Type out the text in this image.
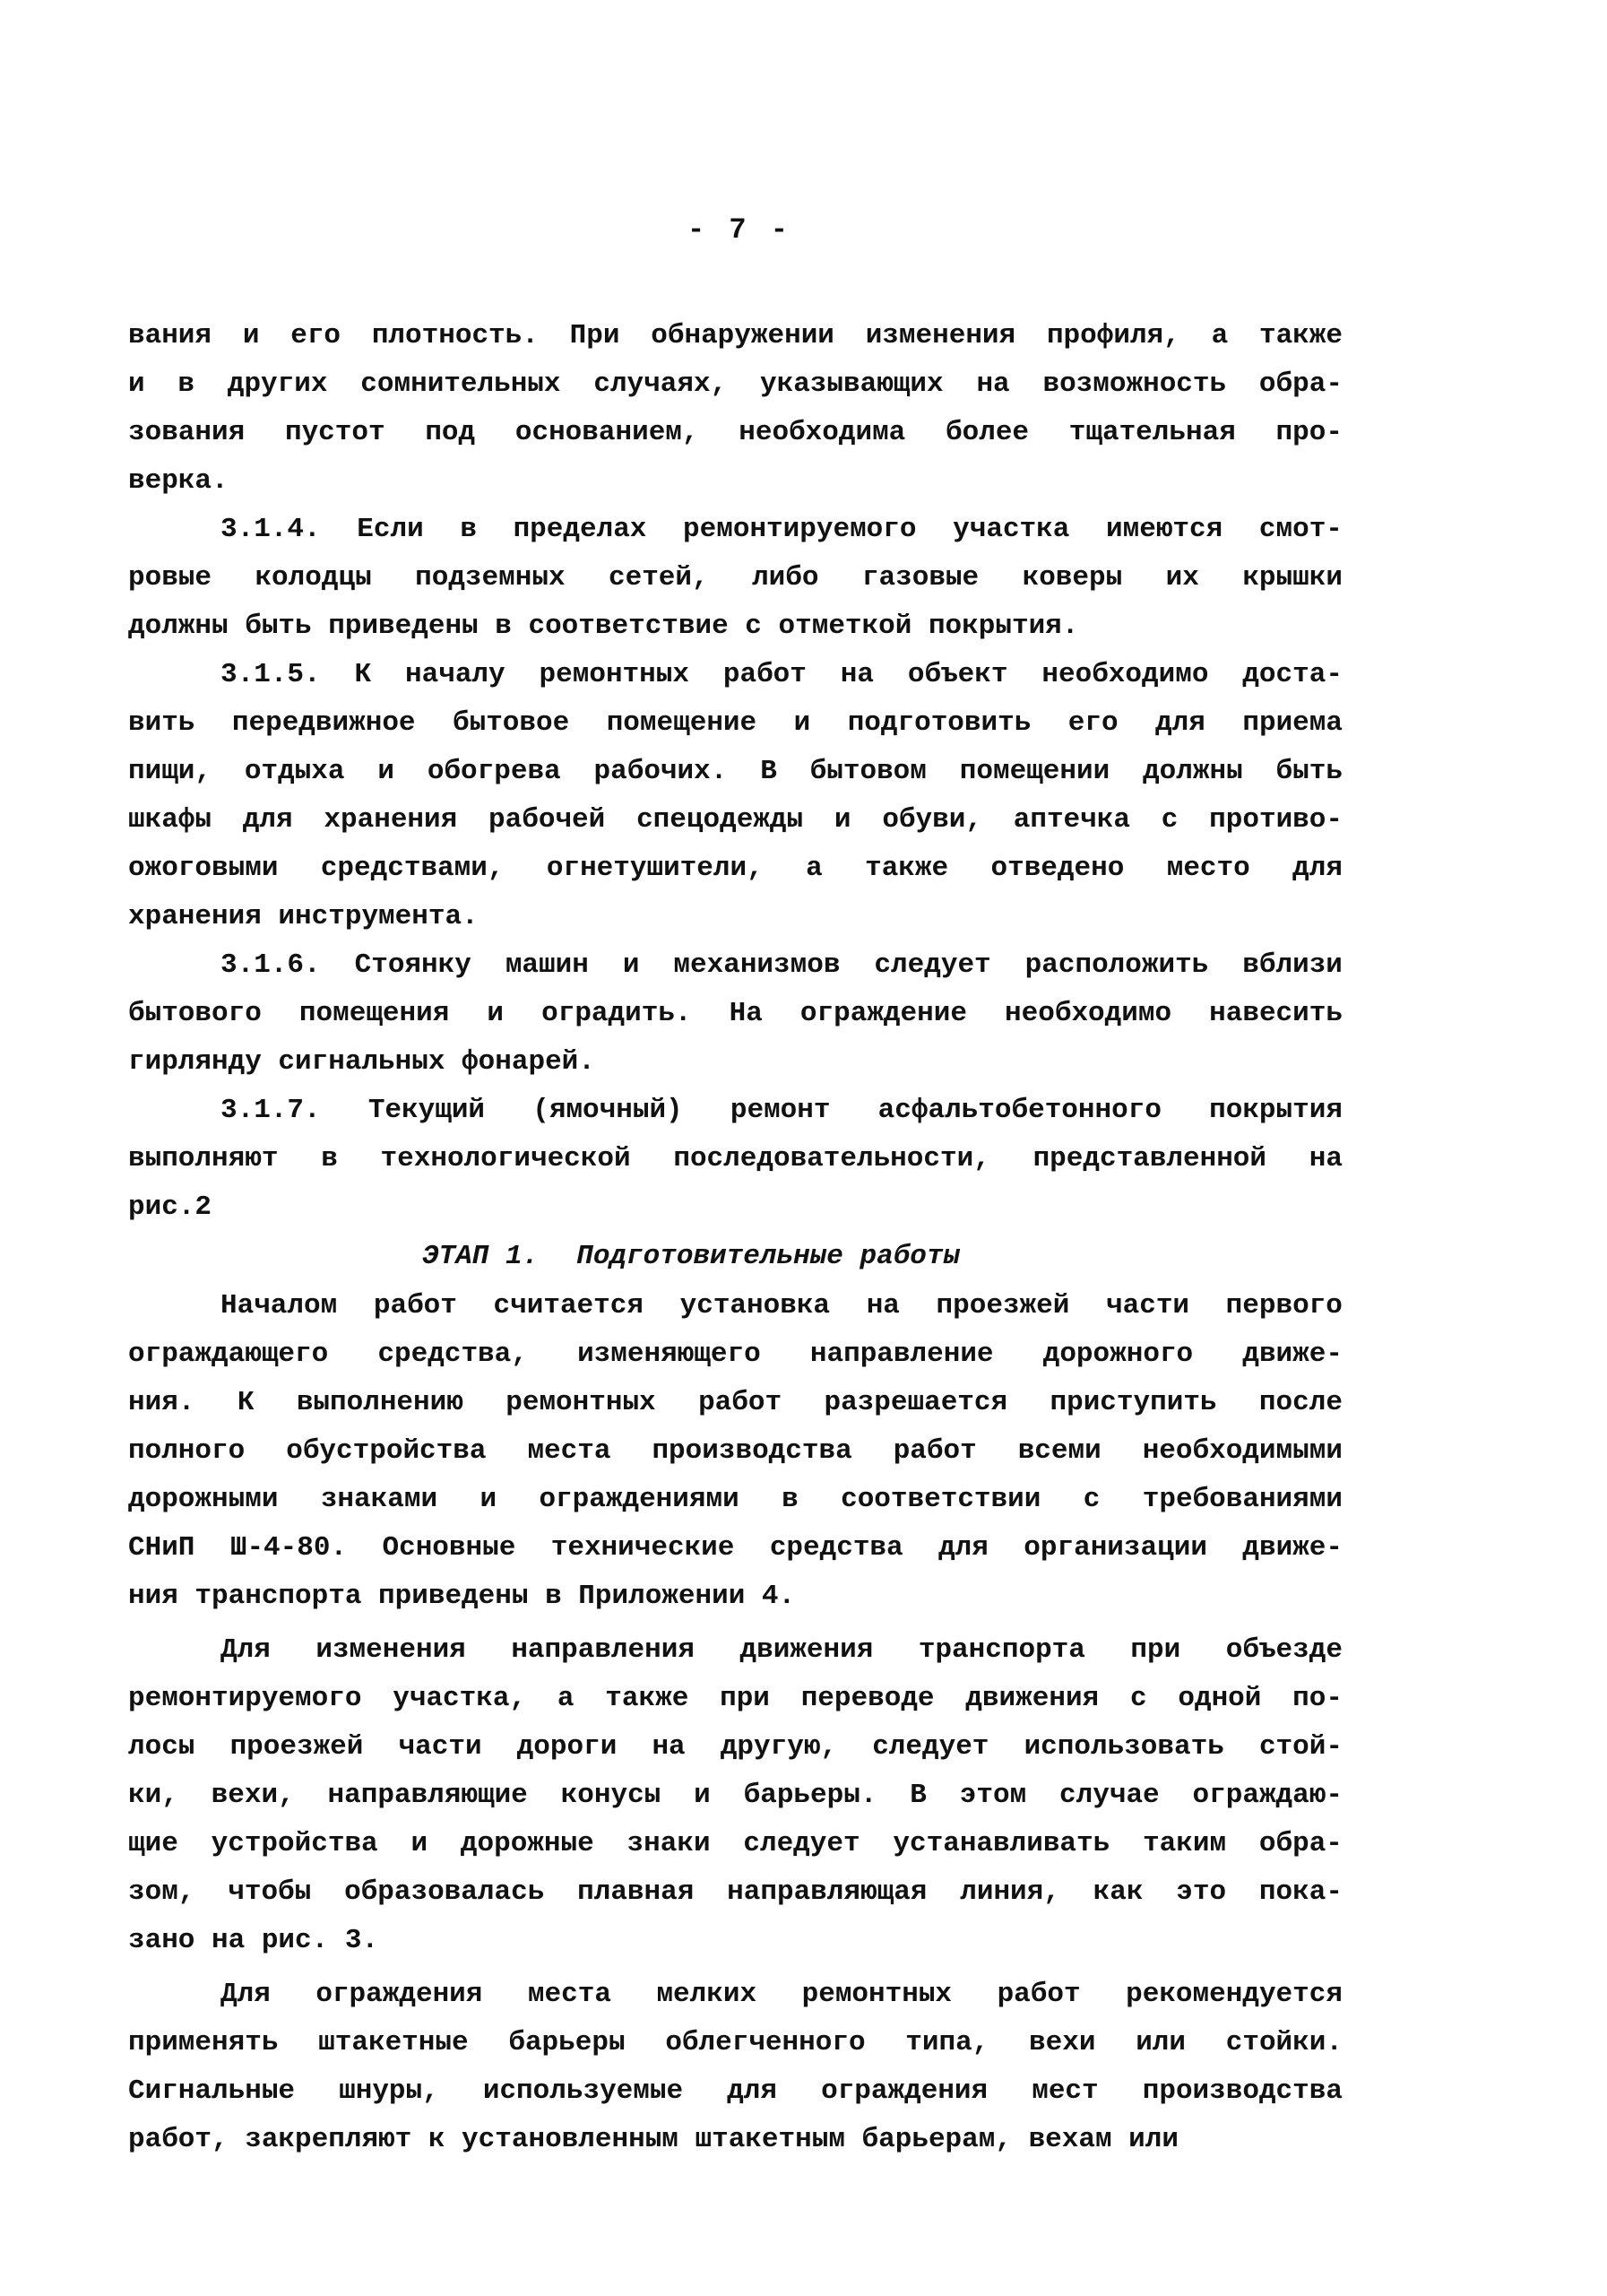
- 7 -
вания и его плотность. При обнаружении изменения профиля, а также
и в других сомнительных случаях, указывающих на возможность обра-
зования пустот под основанием, необходима более тщательная про-
верка.
3.1.4. Если в пределах ремонтируемого участка имеются смот-
ровые колодцы подземных сетей, либо газовые коверы их крышки
должны быть приведены в соответствие с отметкой покрытия.
3.1.5. К началу ремонтных работ на объект необходимо доста-
вить передвижное бытовое помещение и подготовить его для приема
пищи, отдыха и обогрева рабочих. В бытовом помещении должны быть
шкафы для хранения рабочей спецодежды и обуви, аптечка с противо-
ожоговыми средствами, огнетушители, а также отведено место для
хранения инструмента.
3.1.6. Стоянку машин и механизмов следует расположить вблизи
бытового помещения и оградить. На ограждение необходимо навесить
гирлянду сигнальных фонарей.
3.1.7. Текущий (ямочный) ремонт асфальтобетонного покрытия
выполняют в технологической последовательности, представленной на
рис.2
ЭТАП 1. Подготовительные работы
Началом работ считается установка на проезжей части первого
ограждающего средства, изменяющего направление дорожного движе-
ния. К выполнению ремонтных работ разрешается приступить после
полного обустройства места производства работ всеми необходимыми
дорожными знаками и ограждениями в соответствии с требованиями
СНиП Ш-4-80. Основные технические средства для организации движе-
ния транспорта приведены в Приложении 4.
Для изменения направления движения транспорта при объезде
ремонтируемого участка, а также при переводе движения с одной по-
лосы проезжей части дороги на другую, следует использовать стой-
ки, вехи, направляющие конусы и барьеры. В этом случае ограждаю-
щие устройства и дорожные знаки следует устанавливать таким обра-
зом, чтобы образовалась плавная направляющая линия, как это пока-
зано на рис. 3.
Для ограждения места мелких ремонтных работ рекомендуется
применять штакетные барьеры облегченного типа, вехи или стойки.
Сигнальные шнуры, используемые для ограждения мест производства
работ, закрепляют к установленным штакетным барьерам, вехам или
